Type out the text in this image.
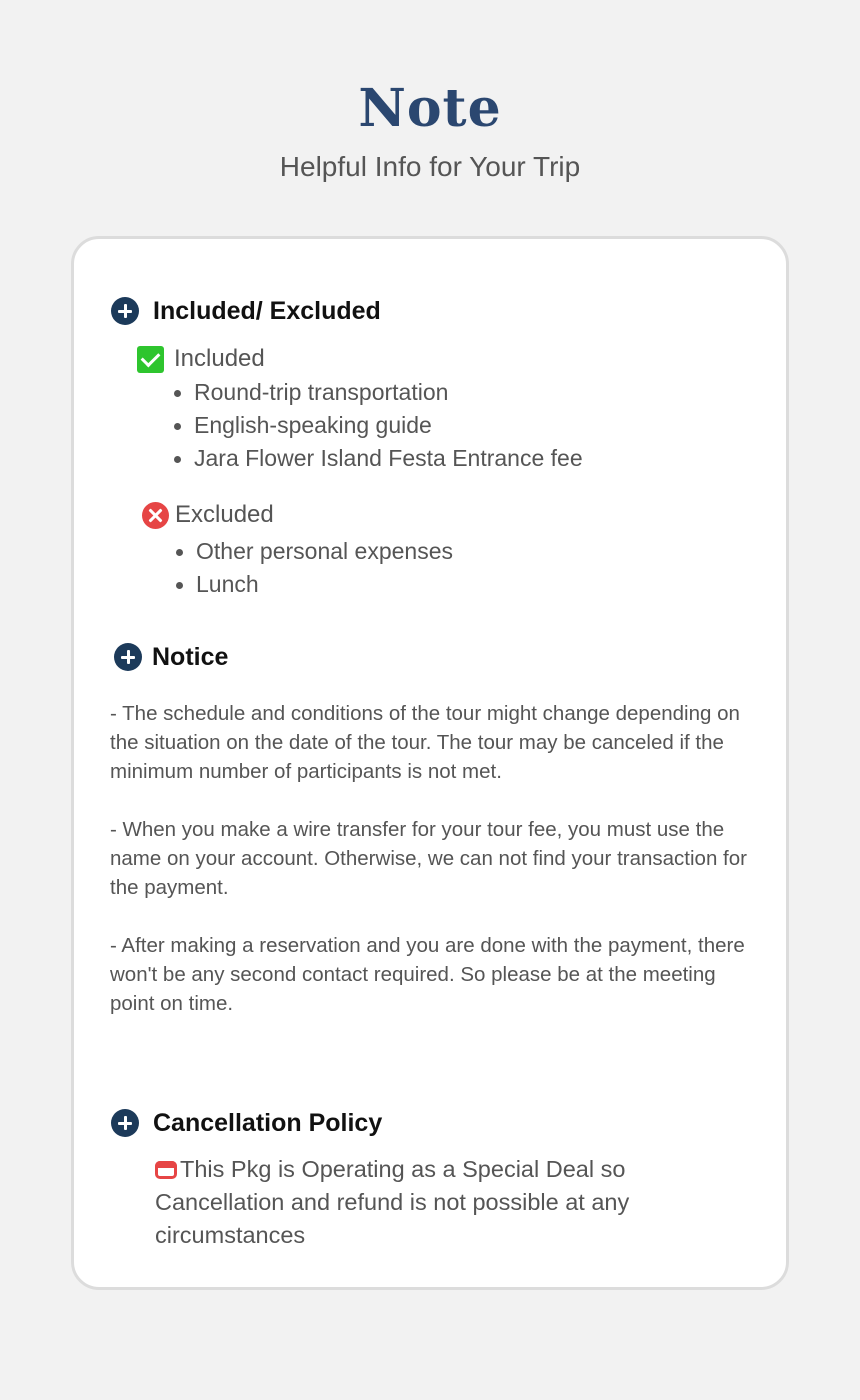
Note
Helpful Info for Your Trip
Included/ Excluded
Included
Round-trip transportation
English-speaking guide
Jara Flower Island Festa Entrance fee
Excluded
Other personal expenses
Lunch
Notice

- The schedule and conditions of the tour might change depending on the situation on the date of the tour. The tour may be canceled if the minimum number of participants is not met.

- When you make a wire transfer for your tour fee, you must use the name on your account. Otherwise, we can not find your transaction for the payment.

- After making a reservation and you are done with the payment, there won't be any second contact required. So please be at the meeting point on time.

Cancellation Policy
This Pkg is Operating as a Special Deal so Cancellation and refund is not possible at any circumstances
